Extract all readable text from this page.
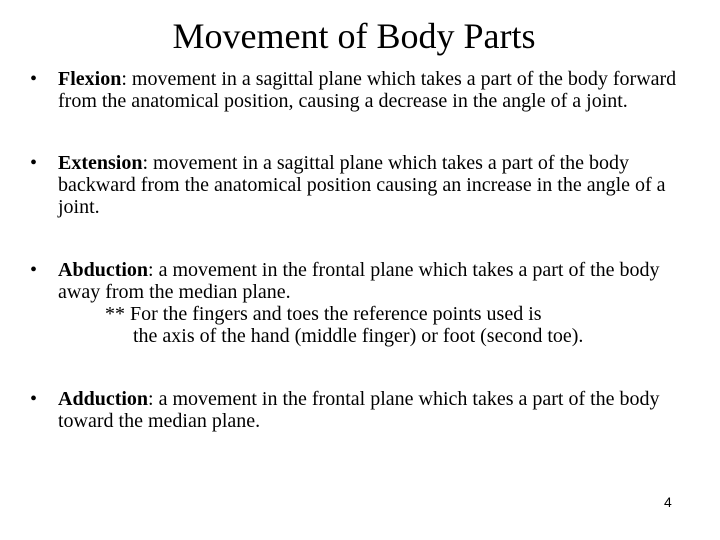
Movement of Body Parts
• Flexion: movement in a sagittal plane which takes a part of the body forward from the anatomical position, causing a decrease in the angle of a joint.
• Extension: movement in a sagittal plane which takes a part of the body backward from the anatomical position causing an increase in the angle of a joint.
• Abduction: a movement in the frontal plane which takes a part of the body away from the median plane.
** For the fingers and toes the reference points used is
the axis of the hand (middle finger) or foot (second toe).
• Adduction: a movement in the frontal plane which takes a part of the body toward the median plane.
4
